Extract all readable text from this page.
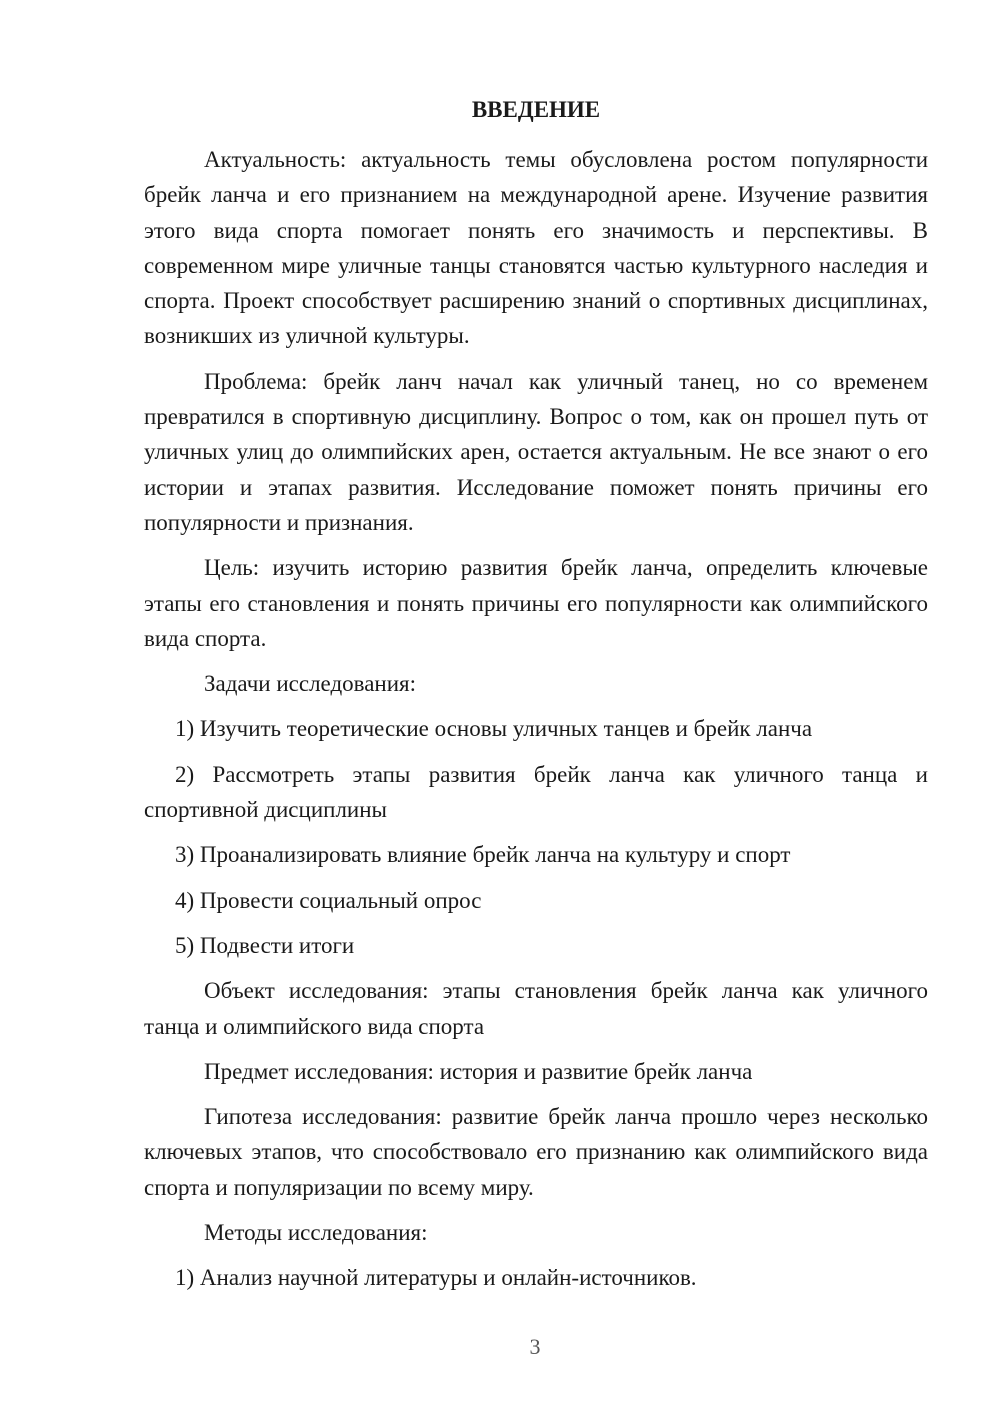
ВВЕДЕНИЕ

Актуальность: актуальность темы обусловлена ростом популярности брейк ланча и его признанием на международной арене. Изучение развития этого вида спорта помогает понять его значимость и перспективы. В современном мире уличные танцы становятся частью культурного наследия и спорта. Проект способствует расширению знаний о спортивных дисциплинах, возникших из уличной культуры.

Проблема: брейк ланч начал как уличный танец, но со временем превратился в спортивную дисциплину. Вопрос о том, как он прошел путь от уличных улиц до олимпийских арен, остается актуальным. Не все знают о его истории и этапах развития. Исследование поможет понять причины его популярности и признания.

Цель: изучить историю развития брейк ланча, определить ключевые этапы его становления и понять причины его популярности как олимпийского вида спорта.

Задачи исследования:

1) Изучить теоретические основы уличных танцев и брейк ланча

2) Рассмотреть этапы развития брейк ланча как уличного танца и спортивной дисциплины

3) Проанализировать влияние брейк ланча на культуру и спорт

4) Провести социальный опрос

5) Подвести итоги

Объект исследования: этапы становления брейк ланча как уличного танца и олимпийского вида спорта

Предмет исследования: история и развитие брейк ланча

Гипотеза исследования: развитие брейк ланча прошло через несколько ключевых этапов, что способствовало его признанию как олимпийского вида спорта и популяризации по всему миру.

Методы исследования:

1) Анализ научной литературы и онлайн-источников.

3
